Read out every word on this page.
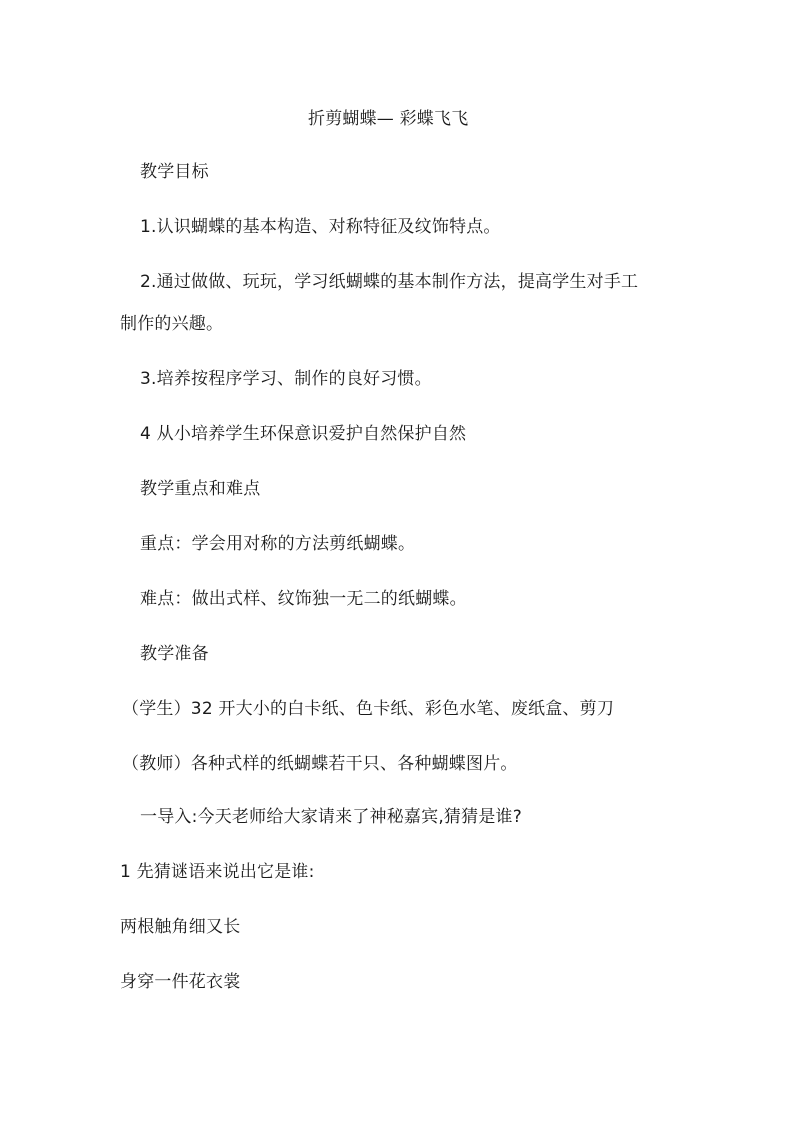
折剪蝴蝶— 彩蝶飞飞
教学目标
1.认识蝴蝶的基本构造、对称特征及纹饰特点。
2.通过做做、玩玩，学习纸蝴蝶的基本制作方法，提高学生对手工
制作的兴趣。
3.培养按程序学习、制作的良好习惯。
4 从小培养学生环保意识爱护自然保护自然
教学重点和难点
重点：学会用对称的方法剪纸蝴蝶。
难点：做出式样、纹饰独一无二的纸蝴蝶。
教学准备
（学生）32 开大小的白卡纸、色卡纸、彩色水笔、废纸盒、剪刀
（教师）各种式样的纸蝴蝶若干只、各种蝴蝶图片。
一导入:今天老师给大家请来了神秘嘉宾,猜猜是谁?
1 先猜谜语来说出它是谁:
两根触角细又长
身穿一件花衣裳
